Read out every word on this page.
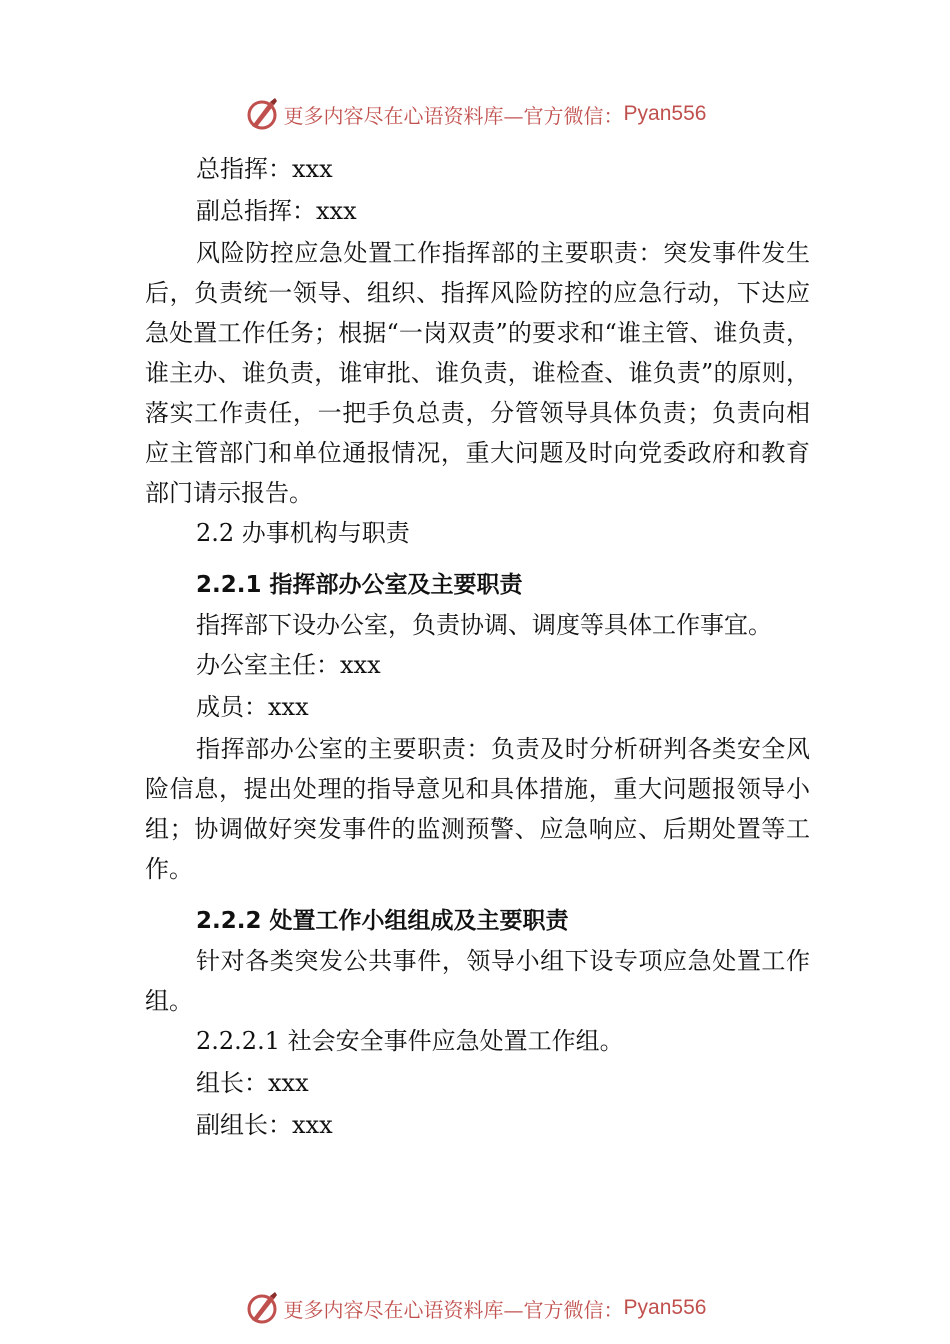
更多内容尽在心语资料库—官方微信： Pyan556
总指挥：xxx
副总指挥：xxx
风险防控应急处置工作指挥部的主要职责：突发事件发生后，负责统一领导、组织、指挥风险防控的应急行动，下达应急处置工作任务；根据“一岗双责”的要求和“谁主管、谁负责，谁主办、谁负责，谁审批、谁负责，谁检查、谁负责”的原则，落实工作责任，一把手负总责，分管领导具体负责；负责向相应主管部门和单位通报情况，重大问题及时向党委政府和教育部门请示报告。
2.2 办事机构与职责
2.2.1 指挥部办公室及主要职责
指挥部下设办公室，负责协调、调度等具体工作事宜。
办公室主任：xxx
成员：xxx
指挥部办公室的主要职责：负责及时分析研判各类安全风险信息，提出处理的指导意见和具体措施，重大问题报领导小组；协调做好突发事件的监测预警、应急响应、后期处置等工作。
2.2.2 处置工作小组组成及主要职责
针对各类突发公共事件，领导小组下设专项应急处置工作组。
2.2.2.1 社会安全事件应急处置工作组。
组长：xxx
副组长：xxx
更多内容尽在心语资料库—官方微信： Pyan556
